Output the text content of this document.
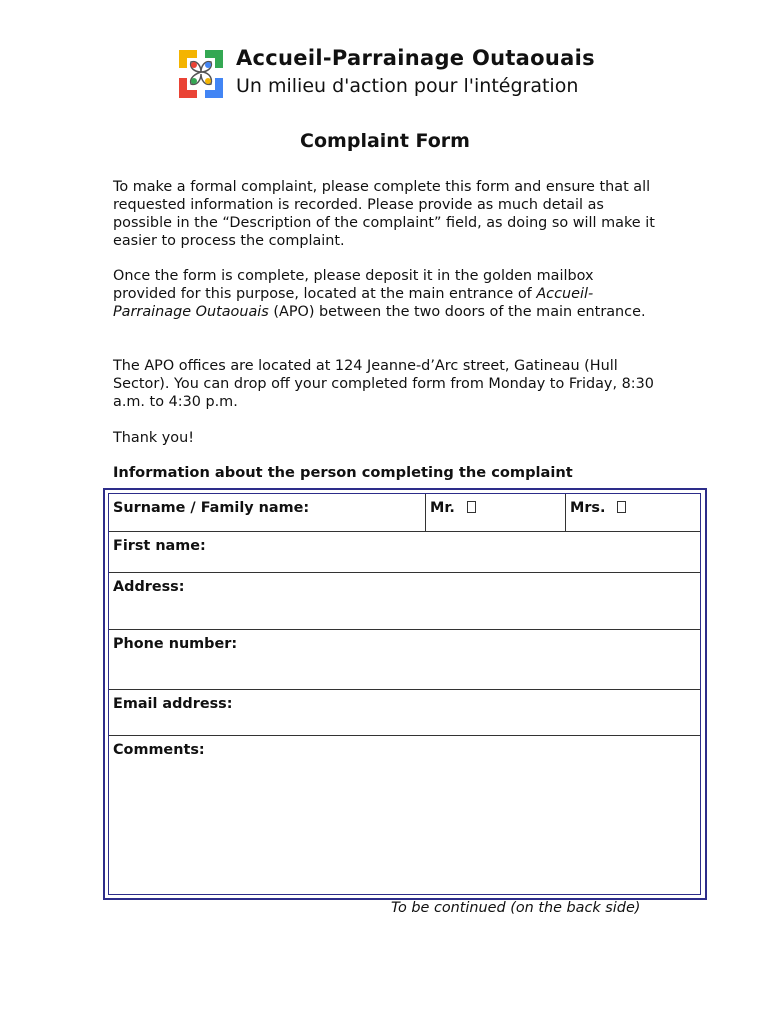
Accueil-Parrainage Outaouais
Un milieu d'action pour l'intégration
Complaint Form

To make a formal complaint, please complete this form and ensure that all requested information is recorded. Please provide as much detail as possible in the “Description of the complaint” field, as doing so will make it easier to process the complaint.

Once the form is complete, please deposit it in the golden mailbox provided for this purpose, located at the main entrance of Accueil-Parrainage Outaouais (APO) between the two doors of the main entrance.

The APO offices are located at 124 Jeanne-d’Arc street, Gatineau (Hull Sector). You can drop off your completed form from Monday to Friday, 8:30 a.m. to 4:30 p.m.

Thank you!

Information about the person completing the complaint
Surname / Family name:	Mr.	Mrs.
First name:
Address:
Phone number:
Email address:
Comments:
To be continued (on the back side)
